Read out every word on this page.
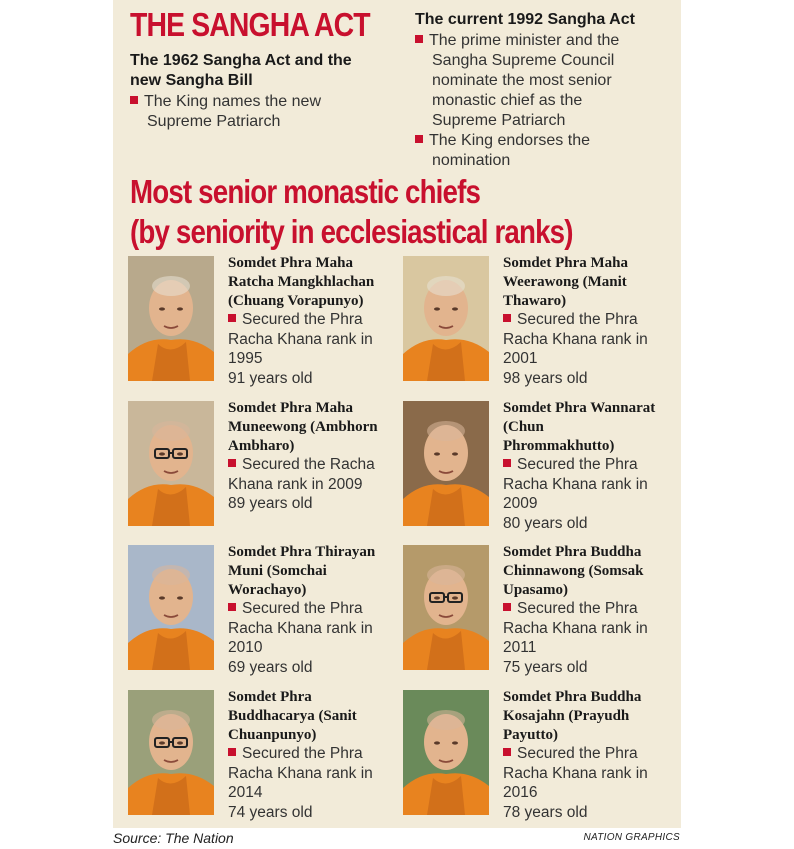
THE SANGHA ACT
The 1962 Sangha Act and the
new Sangha Bill
The King names the new
Supreme Patriarch
The current 1992 Sangha Act
The prime minister and the
Sangha Supreme Council
nominate the most senior
monastic chief as the
Supreme Patriarch
The King endorses the
nomination
Most senior monastic chiefs
(by seniority in ecclesiastical ranks)
Somdet Phra Maha
Ratcha Mangkhlachan
(Chuang Vorapunyo)
Secured the Phra
Racha Khana rank in
1995
91 years old
Somdet Phra Maha
Weerawong (Manit
Thawaro)
Secured the Phra
Racha Khana rank in
2001
98 years old
Somdet Phra Maha
Muneewong (Ambhorn
Ambharo)
Secured the Racha
Khana rank in 2009
89 years old
Somdet Phra Wannarat
(Chun
Phrommakhutto)
Secured the Phra
Racha Khana rank in
2009
80 years old
Somdet Phra Thirayan
Muni (Somchai
Worachayo)
Secured the Phra
Racha Khana rank in
2010
69 years old
Somdet Phra Buddha
Chinnawong (Somsak
Upasamo)
Secured the Phra
Racha Khana rank in
2011
75 years old
Somdet Phra
Buddhacarya (Sanit
Chuanpunyo)
Secured the Phra
Racha Khana rank in
2014
74 years old
Somdet Phra Buddha
Kosajahn (Prayudh
Payutto)
Secured the Phra
Racha Khana rank in
2016
78 years old
Source: The Nation	NATION GRAPHICS
